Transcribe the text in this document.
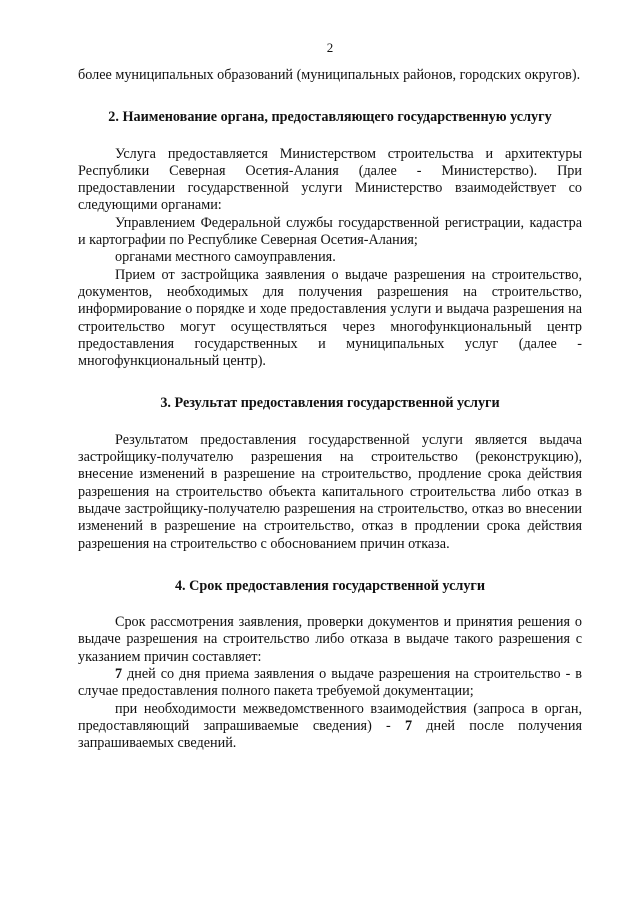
2

более муниципальных образований (муниципальных районов, городских округов).

2. Наименование органа, предоставляющего государственную услугу

Услуга предоставляется Министерством строительства и архитектуры Республики Северная Осетия-Алания (далее - Министерство). При предоставлении государственной услуги Министерство взаимодействует со следующими органами:

Управлением Федеральной службы государственной регистрации, кадастра и картографии по Республике Северная Осетия-Алания;

органами местного самоуправления.

Прием от застройщика заявления о выдаче разрешения на строительство, документов, необходимых для получения разрешения на строительство, информирование о порядке и ходе предоставления услуги и выдача разрешения на строительство могут осуществляться через многофункциональный центр предоставления государственных и муниципальных услуг (далее - многофункциональный центр).

3. Результат предоставления государственной услуги

Результатом предоставления государственной услуги является выдача застройщику-получателю разрешения на строительство (реконструкцию), внесение изменений в разрешение на строительство, продление срока действия разрешения на строительство объекта капитального строительства либо отказ в выдаче застройщику-получателю разрешения на строительство, отказ во внесении изменений в разрешение на строительство, отказ в продлении срока действия разрешения на строительство с обоснованием причин отказа.

4. Срок предоставления государственной услуги

Срок рассмотрения заявления, проверки документов и принятия решения о выдаче разрешения на строительство либо отказа в выдаче такого разрешения с указанием причин составляет:

7 дней со дня приема заявления о выдаче разрешения на строительство - в случае предоставления полного пакета требуемой документации;

при необходимости межведомственного взаимодействия (запроса в орган, предоставляющий запрашиваемые сведения) - 7 дней после получения запрашиваемых сведений.
